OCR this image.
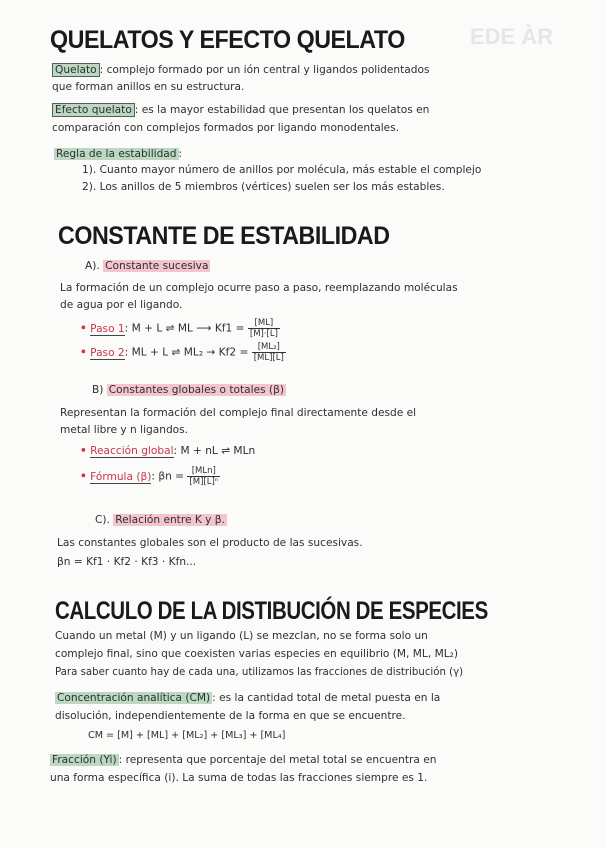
EDE ÀR
QUELATOS Y EFECTO QUELATO
Quelato : complejo formado por un ión central y ligandos polidentados
que forman anillos en su estructura.
Efecto quelato : es la mayor estabilidad que presentan los quelatos en
comparación con complejos formados por ligando monodentales.
Regla de la estabilidad :
1). Cuanto mayor número de anillos por molécula, más estable el complejo
2). Los anillos de 5 miembros (vértices) suelen ser los más estables.
CONSTANTE DE ESTABILIDAD
A). Constante sucesiva
La formación de un complejo ocurre paso a paso, reemplazando moléculas
de agua por el ligando.
• Paso 1: M + L ⇌ ML ⟶ $Kf1 = \frac{[ML]}{[M]\cdot[L]}$
• Paso 2: ML + L ⇌ $ML_2 \to Kf2 = \frac{\text{[ML₂]}}{[ML][L]}$
B) Constantes globales o totales (β)
Representan la formación del complejo final directamente desde el
metal libre y n ligandos.
• Reacción global: M + nL ⇌ MLn
• Fórmula (β): $\beta n = \frac{\text{[MLn]}}{\text{[M][L]ⁿ}}$
C). Relación entre K y β.
Las constantes globales son el producto de las sucesivas.
βn = Kf1 · Kf2 · Kf3 · Kfn...
CALCULO DE LA DISTIBUCIÓN DE ESPECIES
Cuando un metal (M) y un ligando (L) se mezclan, no se forma solo un
complejo final, sino que coexisten varias especies en equilibrio (M, ML, ML₂)
Para saber cuanto hay de cada una, utilizamos las fracciones de distribución (γ)
Concentración analítica (CM) : es la cantidad total de metal puesta en la
disolución, independientemente de la forma en que se encuentre.
CM = [M] + [ML] + [ML₂] + [ML₃] + [ML₄]
Fracción (Yi) : representa que porcentaje del metal total se encuentra en
una forma específica (i). La suma de todas las fracciones siempre es 1.
